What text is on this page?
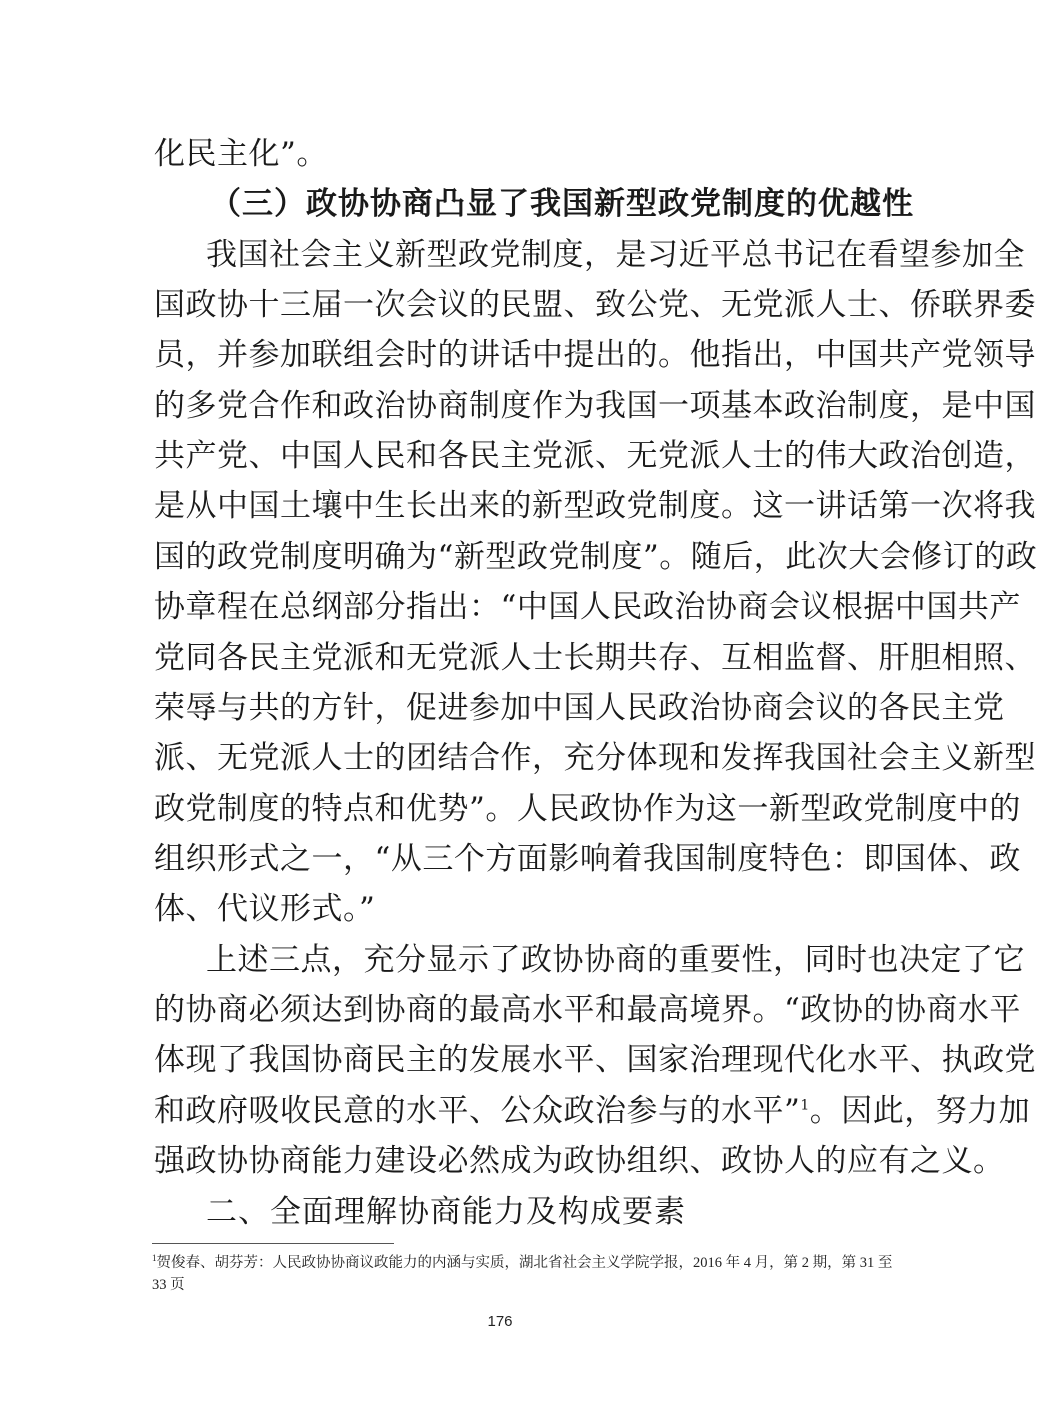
化民主化”。
（三）政协协商凸显了我国新型政党制度的优越性
我国社会主义新型政党制度，是习近平总书记在看望参加全
国政协十三届一次会议的民盟、致公党、无党派人士、侨联界委
员，并参加联组会时的讲话中提出的。他指出，中国共产党领导
的多党合作和政治协商制度作为我国一项基本政治制度，是中国
共产党、中国人民和各民主党派、无党派人士的伟大政治创造，
是从中国土壤中生长出来的新型政党制度。这一讲话第一次将我
国的政党制度明确为“新型政党制度”。随后，此次大会修订的政
协章程在总纲部分指出：“中国人民政治协商会议根据中国共产
党同各民主党派和无党派人士长期共存、互相监督、肝胆相照、
荣辱与共的方针，促进参加中国人民政治协商会议的各民主党
派、无党派人士的团结合作，充分体现和发挥我国社会主义新型
政党制度的特点和优势”。人民政协作为这一新型政党制度中的
组织形式之一，“从三个方面影响着我国制度特色：即国体、政
体、代议形式。”
上述三点，充分显示了政协协商的重要性，同时也决定了它
的协商必须达到协商的最高水平和最高境界。“政协的协商水平
体现了我国协商民主的发展水平、国家治理现代化水平、执政党
和政府吸收民意的水平、公众政治参与的水平”$^1$。因此，努力加
强政协协商能力建设必然成为政协组织、政协人的应有之义。
二、全面理解协商能力及构成要素
$^1$贺俊春、胡芬芳：人民政协协商议政能力的内涵与实质，湖北省社会主义学院学报，2016 年 4 月，第 2 期，第 31 至 33 页
176
